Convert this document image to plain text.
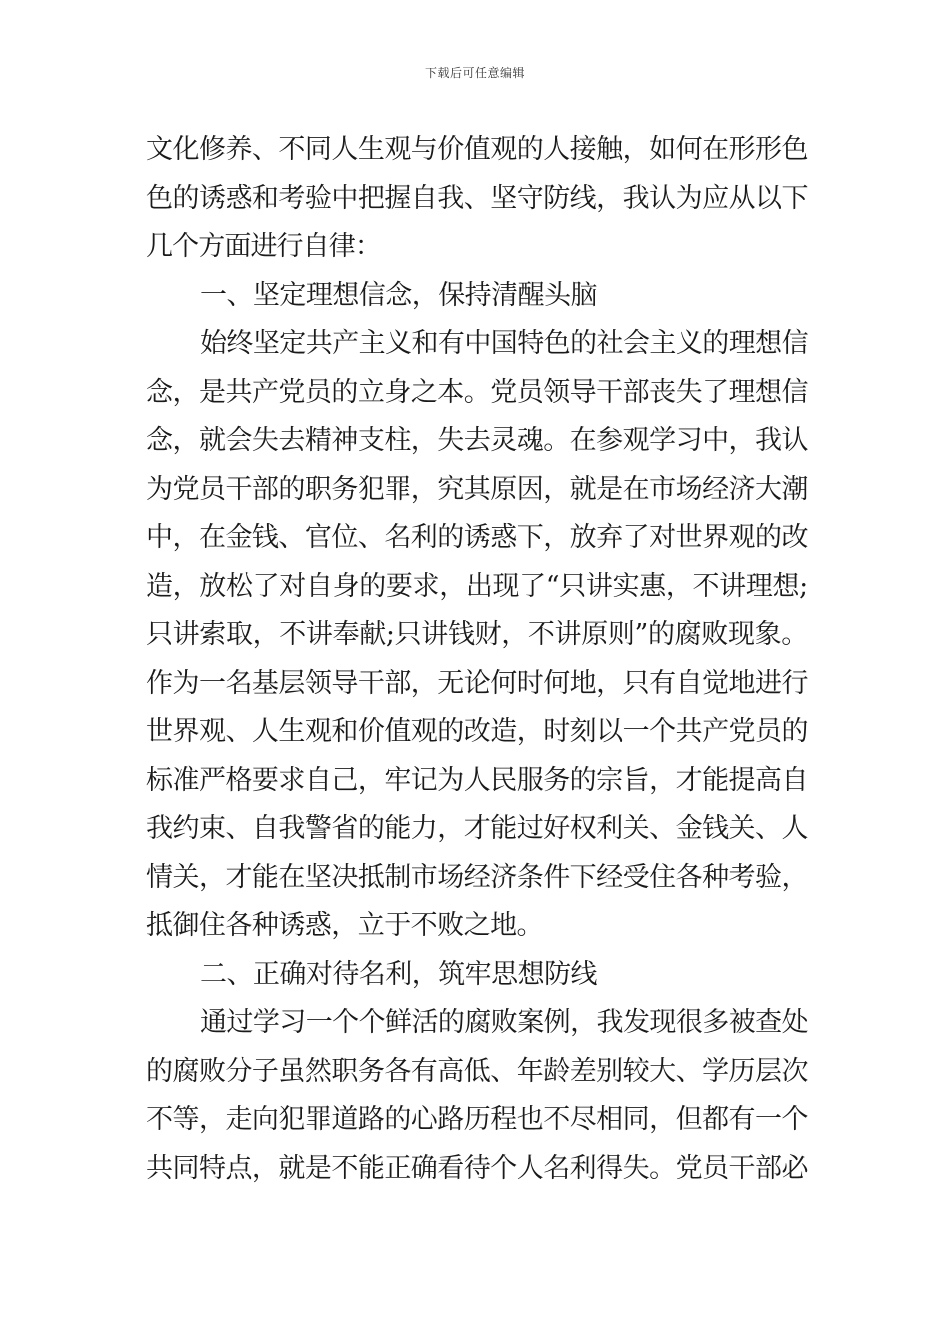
下载后可任意编辑
文化修养、不同人生观与价值观的人接触，如何在形形色
色的诱惑和考验中把握自我、坚守防线，我认为应从以下
几个方面进行自律：
一、坚定理想信念，保持清醒头脑
始终坚定共产主义和有中国特色的社会主义的理想信
念，是共产党员的立身之本。党员领导干部丧失了理想信
念，就会失去精神支柱，失去灵魂。在参观学习中，我认
为党员干部的职务犯罪，究其原因，就是在市场经济大潮
中，在金钱、官位、名利的诱惑下，放弃了对世界观的改
造，放松了对自身的要求，出现了“只讲实惠，不讲理想;
只讲索取，不讲奉献;只讲钱财，不讲原则”的腐败现象。
作为一名基层领导干部，无论何时何地，只有自觉地进行
世界观、人生观和价值观的改造，时刻以一个共产党员的
标准严格要求自己，牢记为人民服务的宗旨，才能提高自
我约束、自我警省的能力，才能过好权利关、金钱关、人
情关，才能在坚决抵制市场经济条件下经受住各种考验，
抵御住各种诱惑，立于不败之地。
二、正确对待名利，筑牢思想防线
通过学习一个个鲜活的腐败案例，我发现很多被查处
的腐败分子虽然职务各有高低、年龄差别较大、学历层次
不等，走向犯罪道路的心路历程也不尽相同，但都有一个
共同特点，就是不能正确看待个人名利得失。党员干部必
